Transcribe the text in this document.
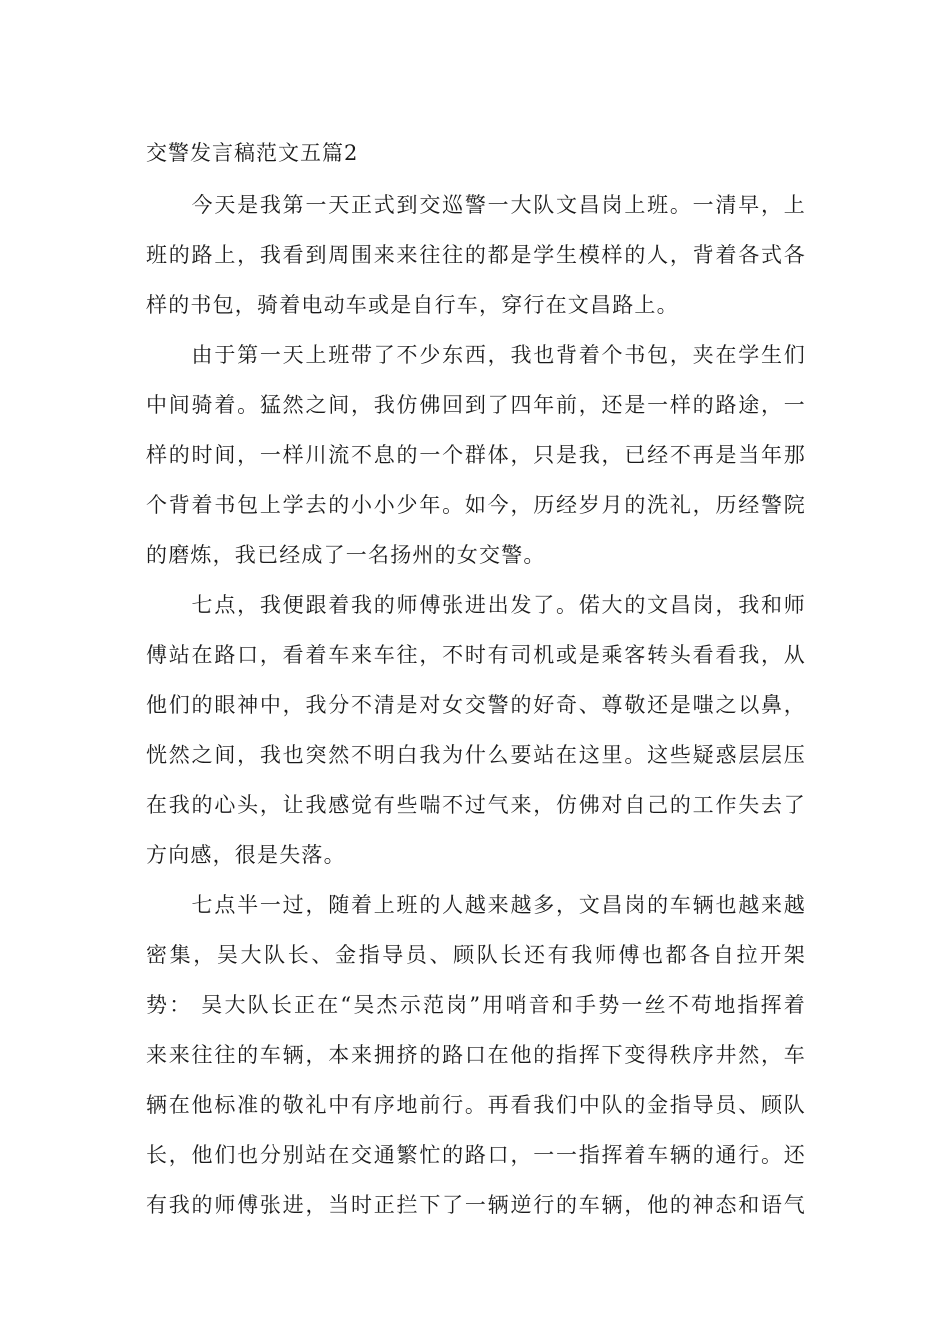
交警发言稿范文五篇2
　　今天是我第一天正式到交巡警一大队文昌岗上班。一清早，上
班的路上，我看到周围来来往往的都是学生模样的人，背着各式各
样的书包，骑着电动车或是自行车，穿行在文昌路上。
　　由于第一天上班带了不少东西，我也背着个书包，夹在学生们
中间骑着。猛然之间，我仿佛回到了四年前，还是一样的路途，一
样的时间，一样川流不息的一个群体，只是我，已经不再是当年那
个背着书包上学去的小小少年。如今，历经岁月的洗礼，历经警院
的磨炼，我已经成了一名扬州的女交警。
　　七点，我便跟着我的师傅张进出发了。偌大的文昌岗，我和师
傅站在路口，看着车来车往，不时有司机或是乘客转头看看我，从
他们的眼神中，我分不清是对女交警的好奇、尊敬还是嗤之以鼻，
恍然之间，我也突然不明白我为什么要站在这里。这些疑惑层层压
在我的心头，让我感觉有些喘不过气来，仿佛对自己的工作失去了
方向感，很是失落。
　　七点半一过，随着上班的人越来越多，文昌岗的车辆也越来越
密集，吴大队长、金指导员、顾队长还有我师傅也都各自拉开架
势： 吴大队长正在“吴杰示范岗”用哨音和手势一丝不苟地指挥着
来来往往的车辆，本来拥挤的路口在他的指挥下变得秩序井然，车
辆在他标准的敬礼中有序地前行。再看我们中队的金指导员、顾队
长，他们也分别站在交通繁忙的路口，一一指挥着车辆的通行。还
有我的师傅张进，当时正拦下了一辆逆行的车辆，他的神态和语气
